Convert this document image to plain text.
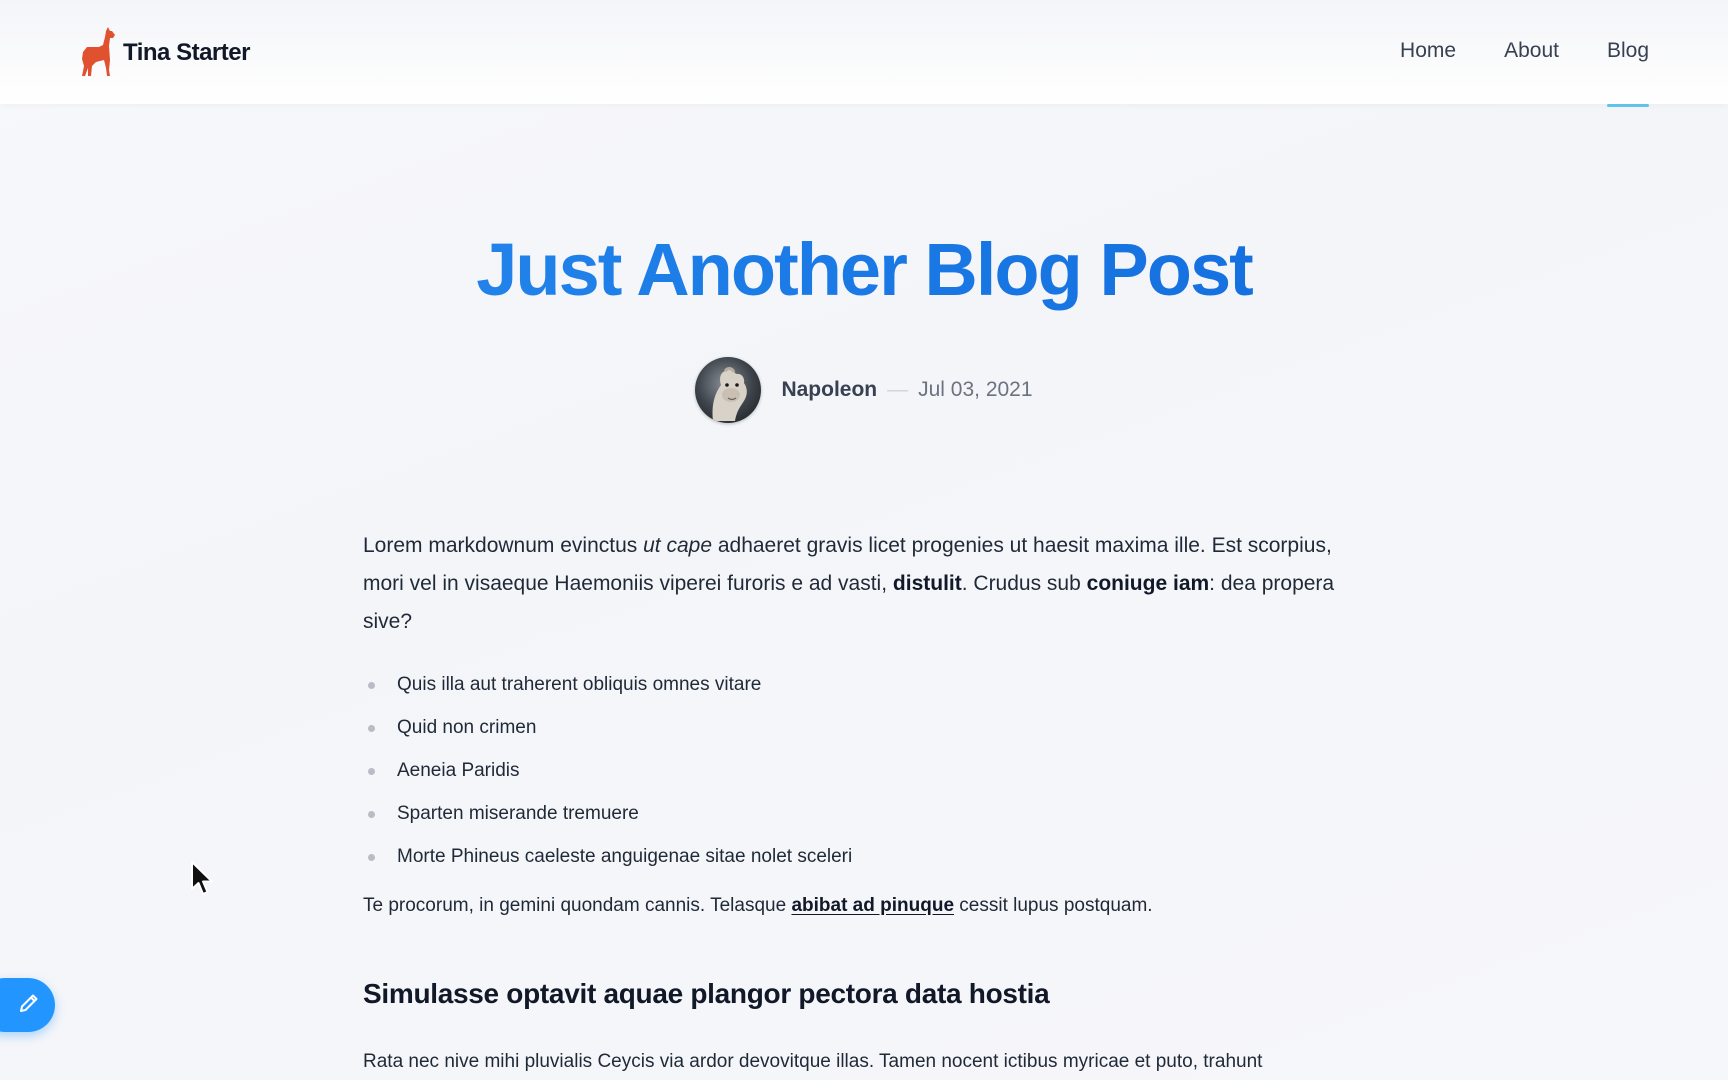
Tina Starter	Home About Blog
Just Another Blog Post
Napoleon — Jul 03, 2021

Lorem markdownum evinctus ut cape adhaeret gravis licet progenies ut haesit maxima ille. Est scorpius, mori vel in visaeque Haemoniis viperei furoris e ad vasti, distulit. Crudus sub coniuge iam: dea propera sive?

Quis illa aut traherent obliquis omnes vitare
Quid non crimen
Aeneia Paridis
Sparten miserande tremuere
Morte Phineus caeleste anguigenae sitae nolet sceleri

Te procorum, in gemini quondam cannis. Telasque abibat ad pinuque cessit lupus postquam.

Simulasse optavit aquae plangor pectora data hostia

Rata nec nive mihi pluvialis Ceycis via ardor devovitque illas. Tamen nocent ictibus myricae et puto, trahunt
